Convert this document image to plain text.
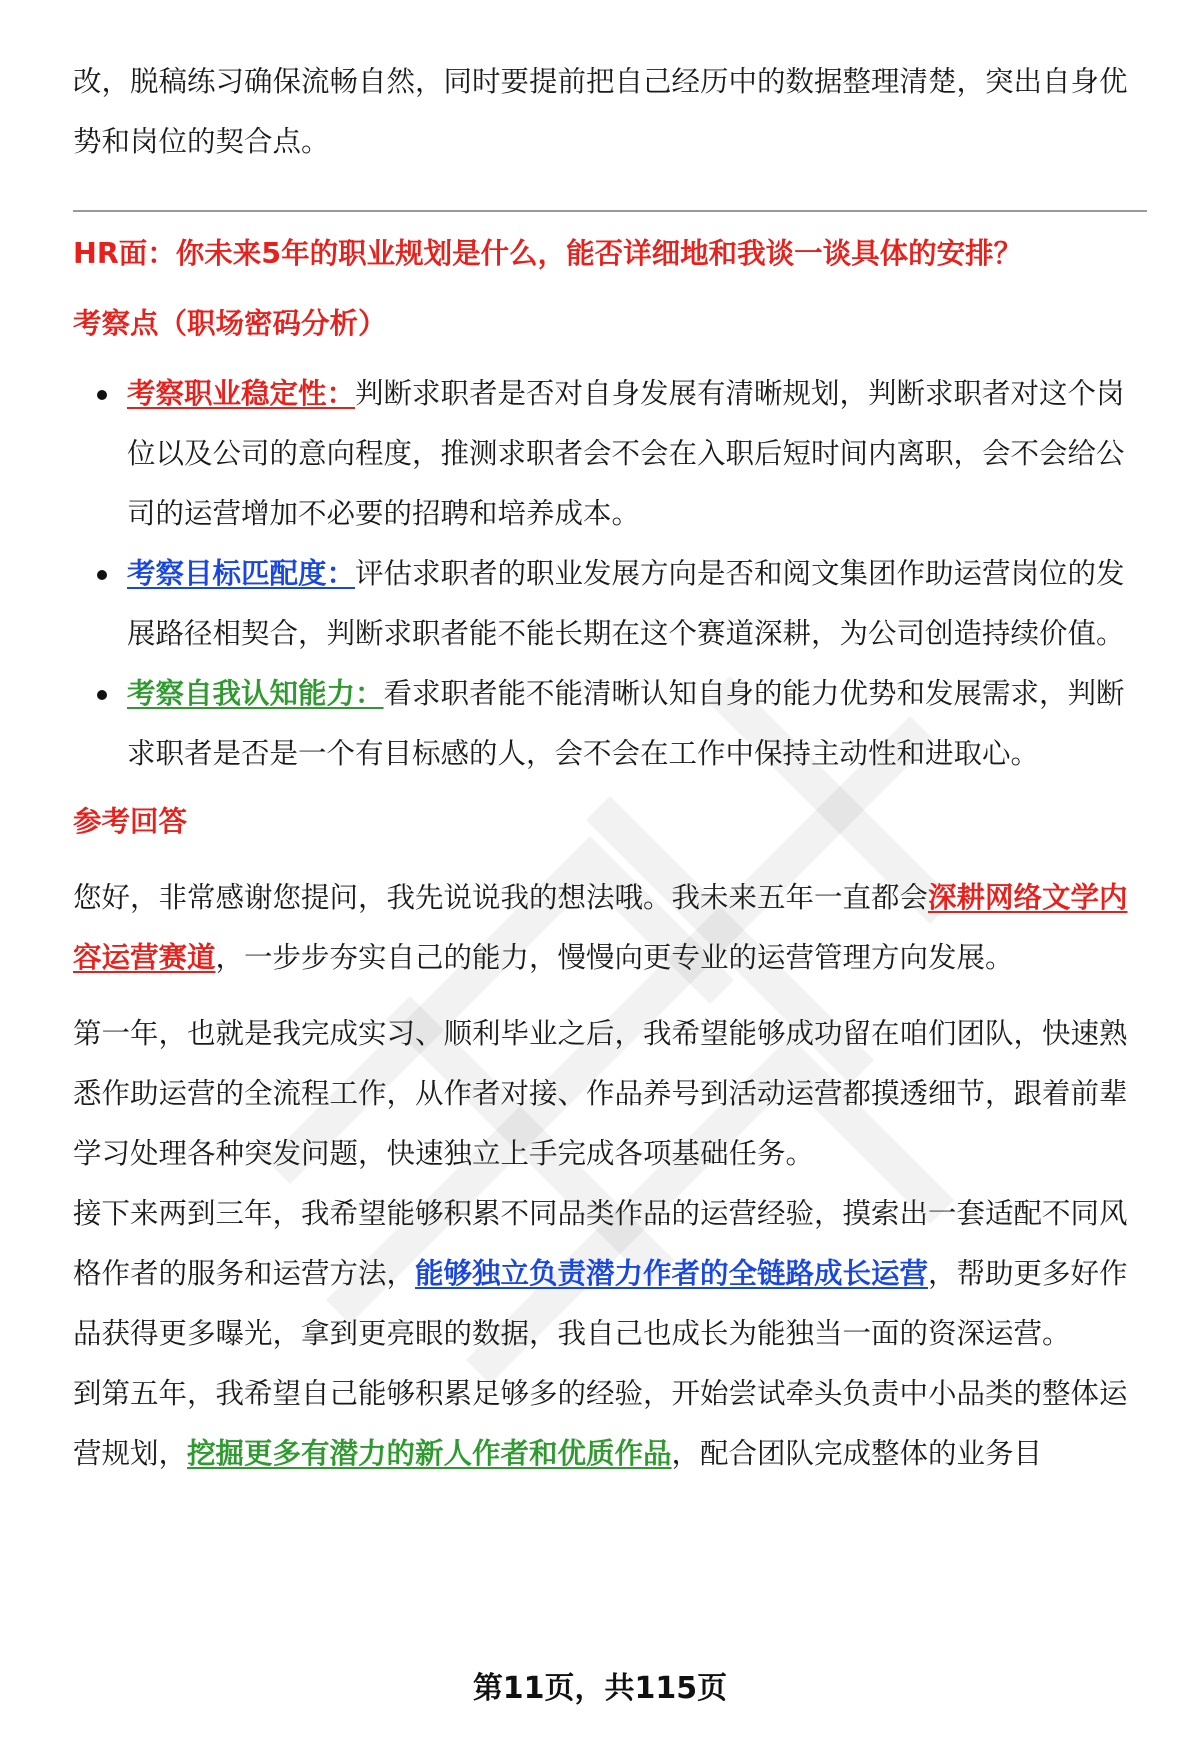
改，脱稿练习确保流畅自然，同时要提前把自己经历中的数据整理清楚，突出自身优势和岗位的契合点。

HR面：你未来5年的职业规划是什么，能否详细地和我谈一谈具体的安排？

考察点（职场密码分析）

考察职业稳定性：判断求职者是否对自身发展有清晰规划，判断求职者对这个岗位以及公司的意向程度，推测求职者会不会在入职后短时间内离职，会不会给公司的运营增加不必要的招聘和培养成本。
考察目标匹配度：评估求职者的职业发展方向是否和阅文集团作助运营岗位的发展路径相契合，判断求职者能不能长期在这个赛道深耕，为公司创造持续价值。
考察自我认知能力：看求职者能不能清晰认知自身的能力优势和发展需求，判断求职者是否是一个有目标感的人，会不会在工作中保持主动性和进取心。

参考回答

您好，非常感谢您提问，我先说说我的想法哦。我未来五年一直都会深耕网络文学内容运营赛道，一步步夯实自己的能力，慢慢向更专业的运营管理方向发展。

第一年，也就是我完成实习、顺利毕业之后，我希望能够成功留在咱们团队，快速熟悉作助运营的全流程工作，从作者对接、作品养号到活动运营都摸透细节，跟着前辈学习处理各种突发问题，快速独立上手完成各项基础任务。

接下来两到三年，我希望能够积累不同品类作品的运营经验，摸索出一套适配不同风格作者的服务和运营方法，能够独立负责潜力作者的全链路成长运营，帮助更多好作品获得更多曝光，拿到更亮眼的数据，我自己也成长为能独当一面的资深运营。

到第五年，我希望自己能够积累足够多的经验，开始尝试牵头负责中小品类的整体运营规划，挖掘更多有潜力的新人作者和优质作品，配合团队完成整体的业务目

第11页，共115页
